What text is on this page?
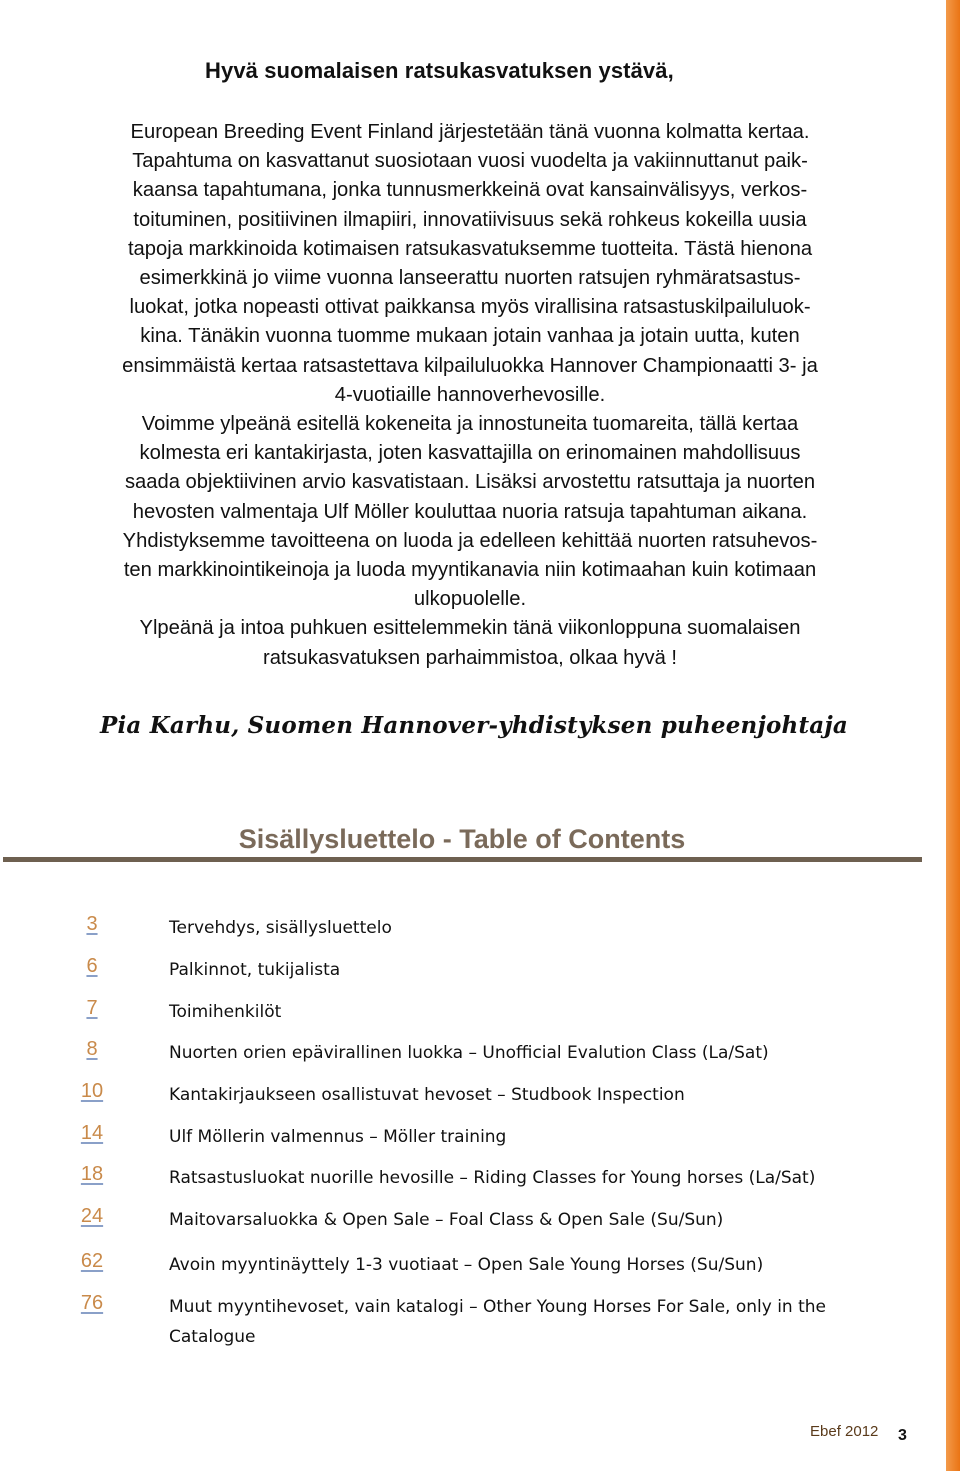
Hyvä suomalaisen ratsukasvatuksen ystävä,
European Breeding Event Finland järjestetään tänä vuonna kolmatta kertaa.
Tapahtuma on kasvattanut suosiotaan vuosi vuodelta ja vakiinnuttanut paik-
kaansa tapahtumana, jonka tunnusmerkkeinä ovat kansainvälisyys, verkos-
toituminen, positiivinen ilmapiiri, innovatiivisuus sekä rohkeus kokeilla uusia
tapoja markkinoida kotimaisen ratsukasvatuksemme tuotteita. Tästä hienona
esimerkkinä jo viime vuonna lanseerattu nuorten ratsujen ryhmäratsastus-
luokat, jotka nopeasti ottivat paikkansa myös virallisina ratsastuskilpailuluok-
kina. Tänäkin vuonna tuomme mukaan jotain vanhaa ja jotain uutta, kuten
ensimmäistä kertaa ratsastettava kilpailuluokka Hannover Championaatti 3- ja
4-vuotiaille hannoverhevosille.
Voimme ylpeänä esitellä kokeneita ja innostuneita tuomareita, tällä kertaa
kolmesta eri kantakirjasta, joten kasvattajilla on erinomainen mahdollisuus
saada objektiivinen arvio kasvatistaan. Lisäksi arvostettu ratsuttaja ja nuorten
hevosten valmentaja Ulf Möller kouluttaa nuoria ratsuja tapahtuman aikana.
Yhdistyksemme tavoitteena on luoda ja edelleen kehittää nuorten ratsuhevos-
ten markkinointikeinoja ja luoda myyntikanavia niin kotimaahan kuin kotimaan
ulkopuolelle.
Ylpeänä ja intoa puhkuen esittelemmekin tänä viikonloppuna suomalaisen
ratsukasvatuksen parhaimmistoa, olkaa hyvä !

Pia Karhu, Suomen Hannover-yhdistyksen puheenjohtaja

Sisällysluettelo - Table of Contents
3	Tervehdys, sisällysluettelo
6	Palkinnot, tukijalista
7	Toimihenkilöt
8	Nuorten orien epävirallinen luokka – Unofficial Evalution Class (La/Sat)
10	Kantakirjaukseen osallistuvat hevoset – Studbook Inspection
14	Ulf Möllerin valmennus – Möller training
18	Ratsastusluokat nuorille hevosille – Riding Classes for Young horses (La/Sat)
24	Maitovarsaluokka & Open Sale – Foal Class & Open Sale (Su/Sun)
62	Avoin myyntinäyttely 1-3 vuotiaat – Open Sale Young Horses (Su/Sun)
76	Muut myyntihevoset, vain katalogi – Other Young Horses For Sale, only in the Catalogue

Ebef 2012 3
